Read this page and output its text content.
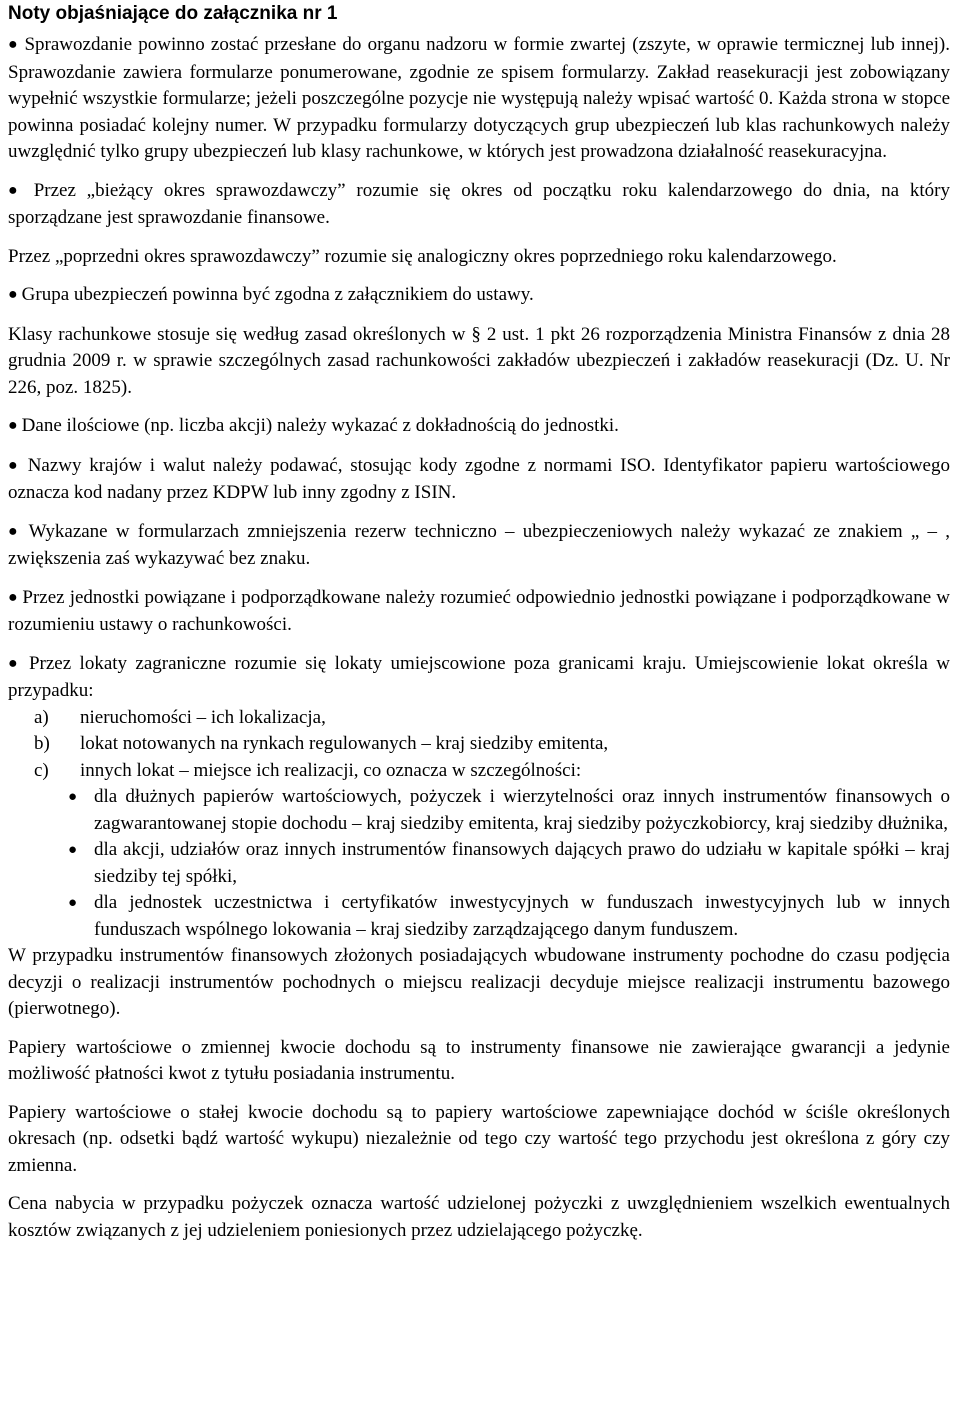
Noty objaśniające do załącznika nr 1

● Sprawozdanie powinno zostać przesłane do organu nadzoru w formie zwartej (zszyte, w oprawie termicznej lub innej). Sprawozdanie zawiera formularze ponumerowane, zgodnie ze spisem formularzy. Zakład reasekuracji jest zobowiązany wypełnić wszystkie formularze; jeżeli poszczególne pozycje nie występują należy wpisać wartość 0. Każda strona w stopce powinna posiadać kolejny numer. W przypadku formularzy dotyczących grup ubezpieczeń lub klas rachunkowych należy uwzględnić tylko grupy ubezpieczeń lub klasy rachunkowe, w których jest prowadzona działalność reasekuracyjna.

● Przez „bieżący okres sprawozdawczy” rozumie się okres od początku roku kalendarzowego do dnia, na który sporządzane jest sprawozdanie finansowe.

Przez „poprzedni okres sprawozdawczy” rozumie się analogiczny okres poprzedniego roku kalendarzowego.

● Grupa ubezpieczeń powinna być zgodna z załącznikiem do ustawy.

Klasy rachunkowe stosuje się według zasad określonych w § 2 ust. 1 pkt 26 rozporządzenia Ministra Finansów z dnia 28 grudnia 2009 r. w sprawie szczególnych zasad rachunkowości zakładów ubezpieczeń i zakładów reasekuracji (Dz. U. Nr 226, poz. 1825).

● Dane ilościowe (np. liczba akcji) należy wykazać z dokładnością do jednostki.

● Nazwy krajów i walut należy podawać, stosując kody zgodne z normami ISO. Identyfikator papieru wartościowego oznacza kod nadany przez KDPW lub inny zgodny z ISIN.

● Wykazane w formularzach zmniejszenia rezerw techniczno – ubezpieczeniowych należy wykazać ze znakiem „ – , zwiększenia zaś wykazywać bez znaku.

● Przez jednostki powiązane i podporządkowane należy rozumieć odpowiednio jednostki powiązane i podporządkowane w rozumieniu ustawy o rachunkowości.

● Przez lokaty zagraniczne rozumie się lokaty umiejscowione poza granicami kraju. Umiejscowienie lokat określa w przypadku:

a) nieruchomości – ich lokalizacja,
b) lokat notowanych na rynkach regulowanych – kraj siedziby emitenta,
c) innych lokat – miejsce ich realizacji, co oznacza w szczególności:
● dla dłużnych papierów wartościowych, pożyczek i wierzytelności oraz innych instrumentów finansowych o zagwarantowanej stopie dochodu – kraj siedziby emitenta, kraj siedziby pożyczkobiorcy, kraj siedziby dłużnika,
● dla akcji, udziałów oraz innych instrumentów finansowych dających prawo do udziału w kapitale spółki – kraj siedziby tej spółki,
● dla jednostek uczestnictwa i certyfikatów inwestycyjnych w funduszach inwestycyjnych lub w innych funduszach wspólnego lokowania – kraj siedziby zarządzającego danym funduszem.

W przypadku instrumentów finansowych złożonych posiadających wbudowane instrumenty pochodne do czasu podjęcia decyzji o realizacji instrumentów pochodnych o miejscu realizacji decyduje miejsce realizacji instrumentu bazowego (pierwotnego).

Papiery wartościowe o zmiennej kwocie dochodu są to instrumenty finansowe nie zawierające gwarancji a jedynie możliwość płatności kwot z tytułu posiadania instrumentu.

Papiery wartościowe o stałej kwocie dochodu są to papiery wartościowe zapewniające dochód w ściśle określonych okresach (np. odsetki bądź wartość wykupu) niezależnie od tego czy wartość tego przychodu jest określona z góry czy zmienna.

Cena nabycia w przypadku pożyczek oznacza wartość udzielonej pożyczki z uwzględnieniem wszelkich ewentualnych kosztów związanych z jej udzieleniem poniesionych przez udzielającego pożyczkę.
